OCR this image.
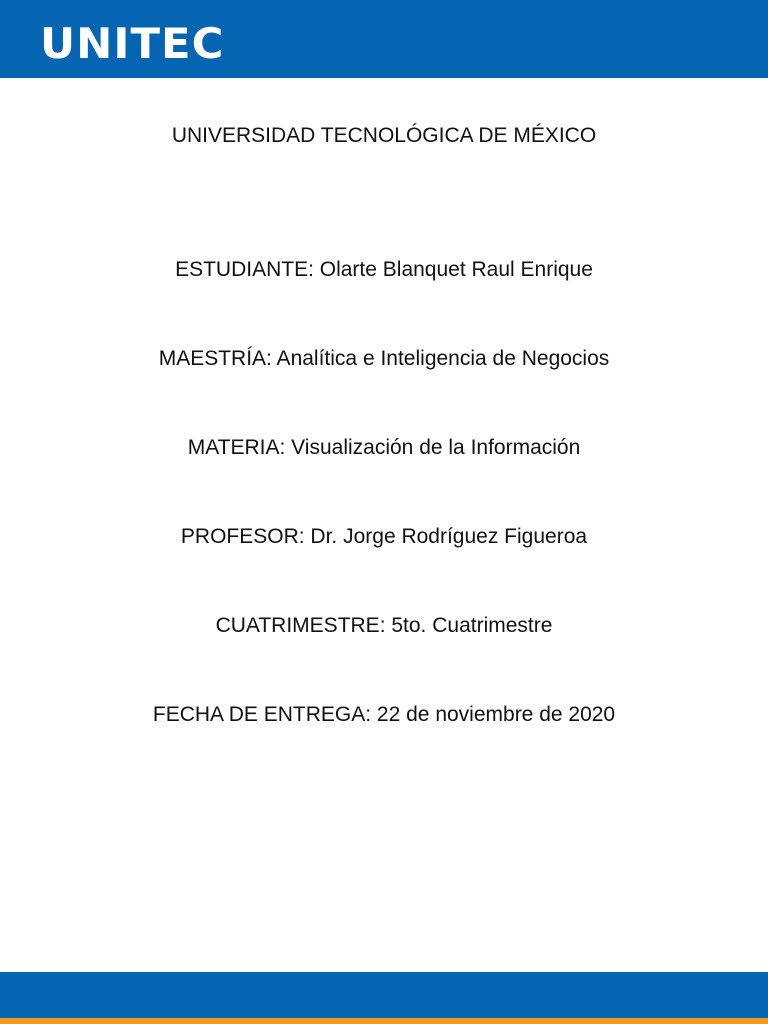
UNITEC
UNIVERSIDAD TECNOLÓGICA DE MÉXICO
ESTUDIANTE: Olarte Blanquet Raul Enrique
MAESTRÍA: Analítica e Inteligencia de Negocios
MATERIA: Visualización de la Información
PROFESOR: Dr. Jorge Rodríguez Figueroa
CUATRIMESTRE: 5to. Cuatrimestre
FECHA DE ENTREGA: 22 de noviembre de 2020
